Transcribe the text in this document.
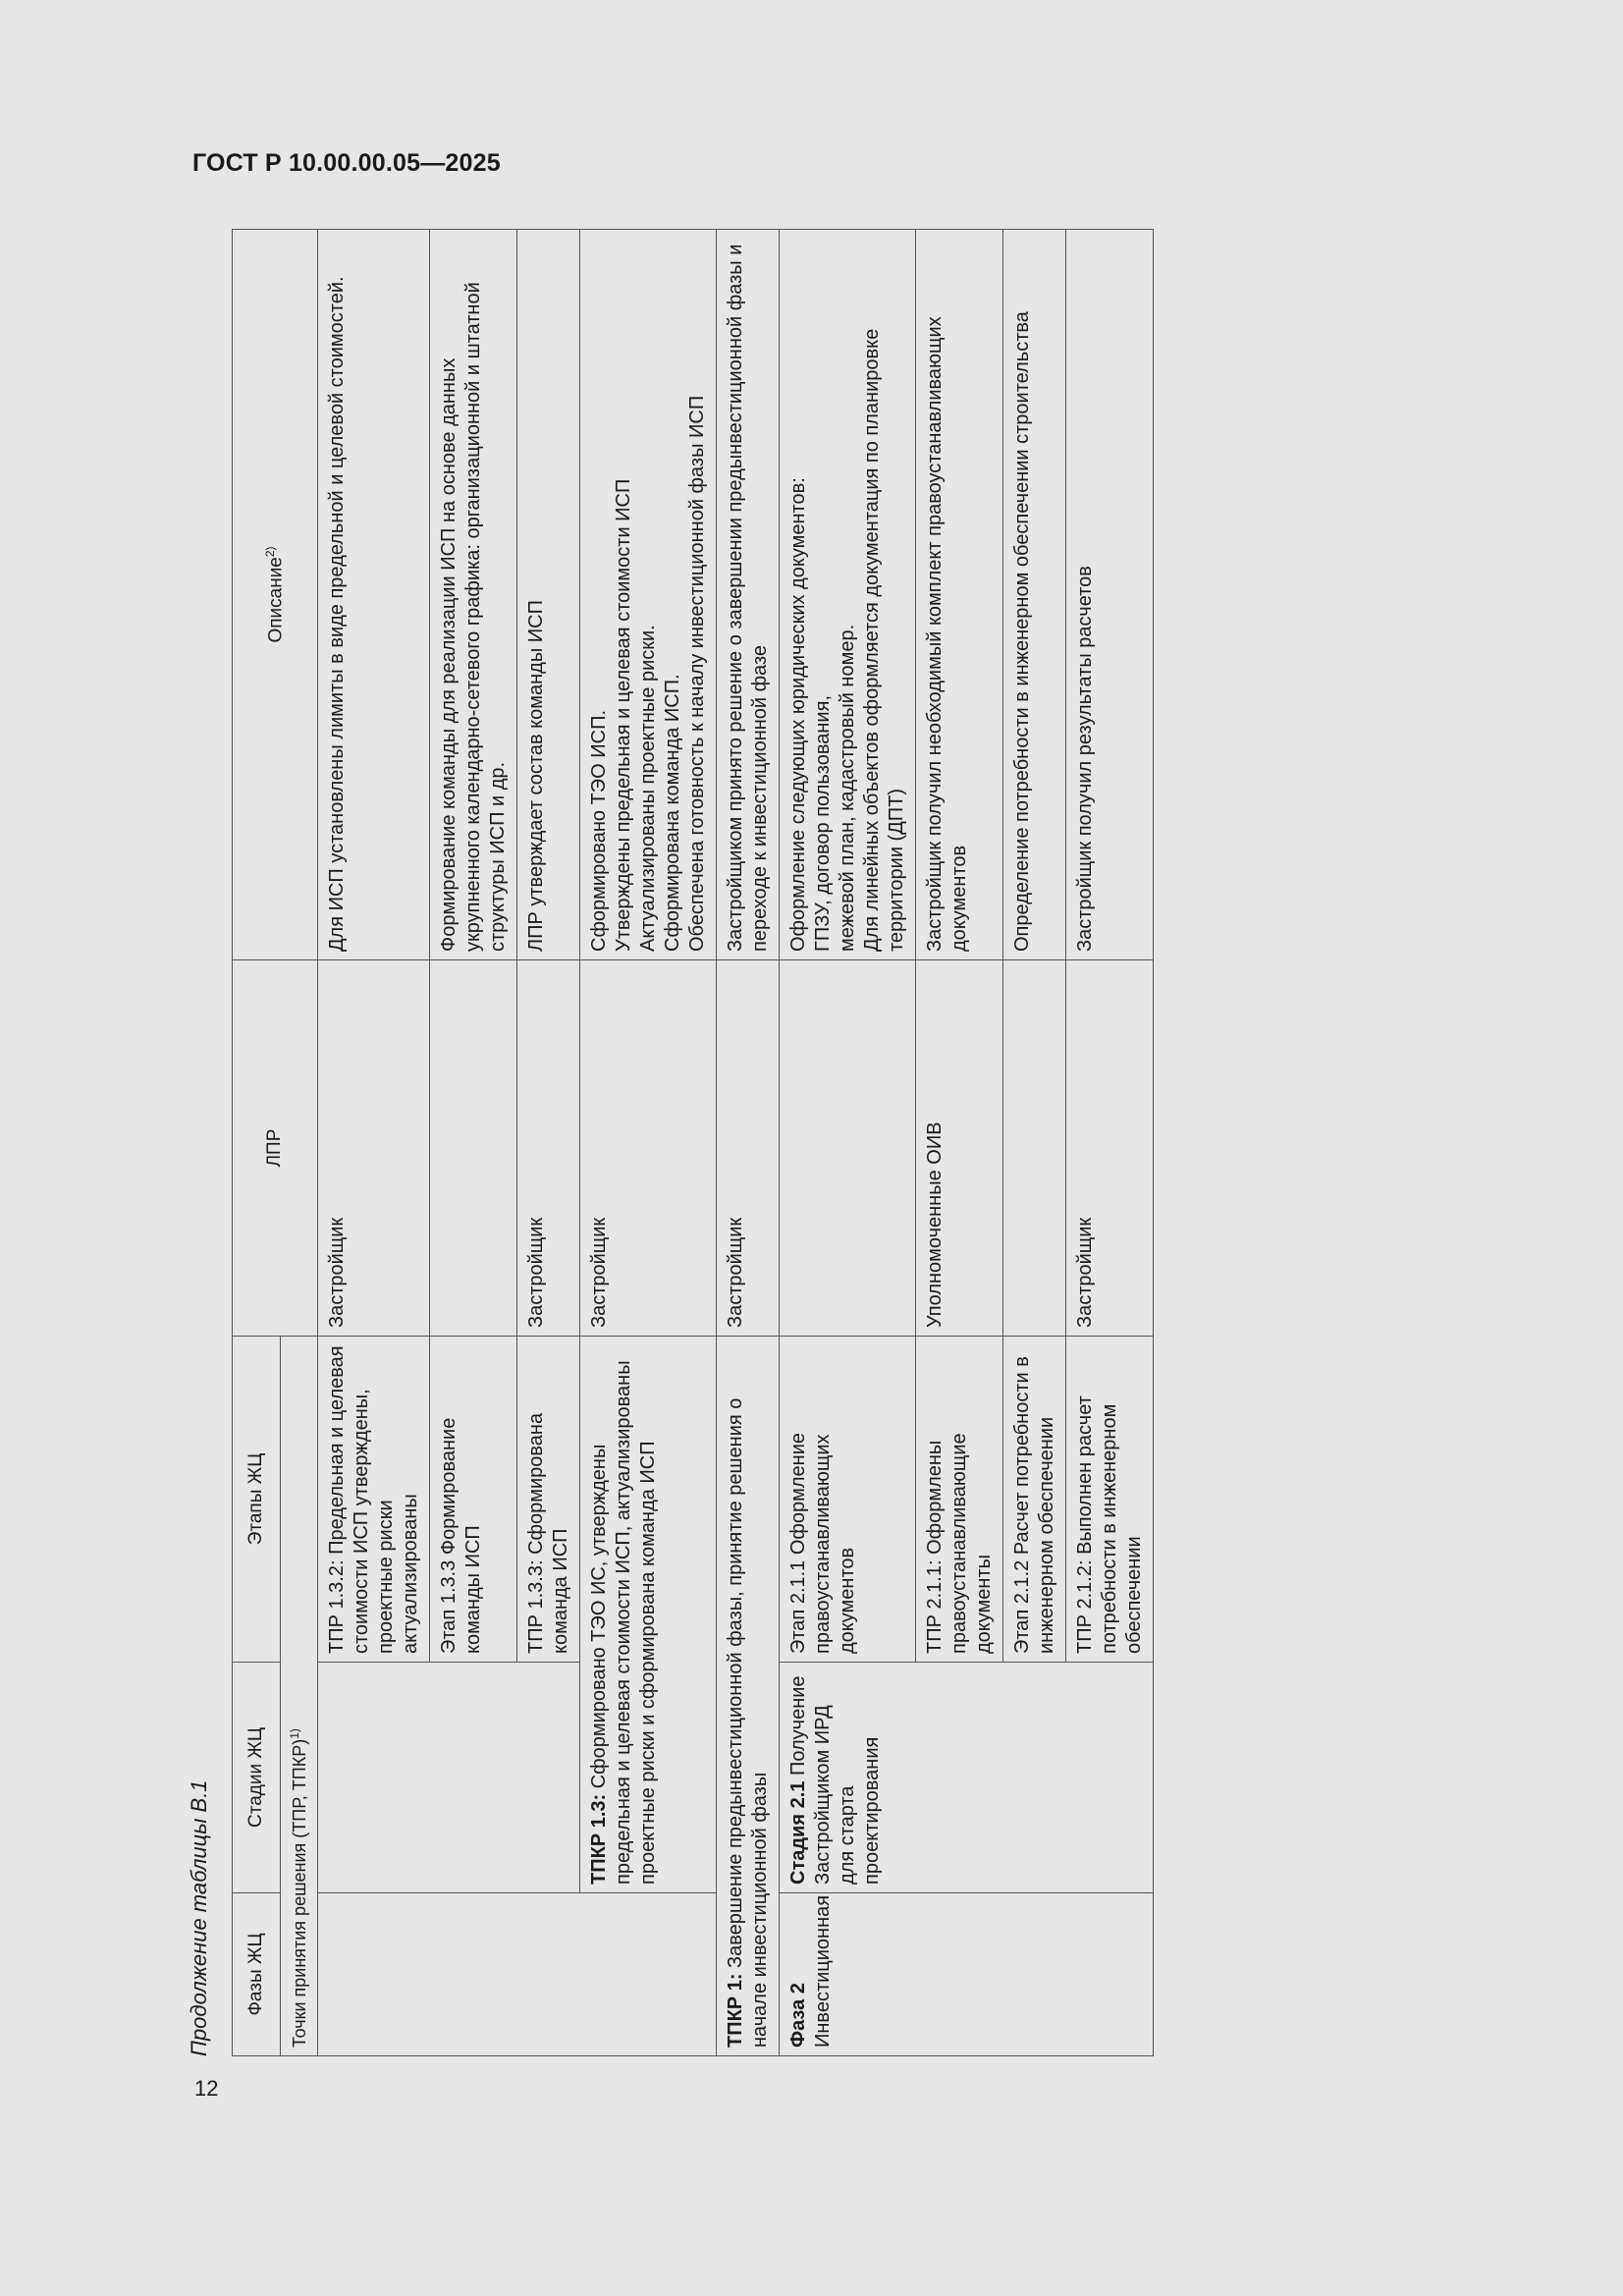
ГОСТ Р 10.00.00.05—2025
Продолжение таблицы В.1 Фазы ЖЦ	Стадии ЖЦ	Этапы ЖЦ	ЛПР	Описание$^{2)}$
Точки принятия решения (ТПР, ТПКР)$^{1)}$
		ТПР 1.3.2: Предельная и целевая стоимости ИСП утверждены, проектные риски актуализированы	Застройщик	Для ИСП установлены лимиты в виде предельной и целевой стоимостей.
		Этап 1.3.3 Формирование команды ИСП		Формирование команды для реализации ИСП на основе данных укрупненного календарно-сетевого графика: организационной и штатной структуры ИСП и др.
		ТПР 1.3.3: Сформирована команда ИСП	Застройщик	ЛПР утверждает состав команды ИСП
	ТПКР 1.3: Сформировано ТЭО ИС, утверждены предельная и целевая стоимости ИСП, актуализированы проектные риски и сформирована команда ИСП		Застройщик	Сформировано ТЭО ИСП. Утверждены предельная и целевая стоимости ИСП Актуализированы проектные риски. Сформирована команда ИСП. Обеспечена готовность к началу инвестиционной фазы ИСП

ТПКР 1: Завершение предынвестиционной фазы, принятие решения о начале инвестиционной фазы			Застройщик	Застройщиком принято решение о завершении предынвестиционной фазы и переходе к инвестиционной фазе
Фаза 2 Инвестиционная	Стадия 2.1 Получение Застройщиком ИРД для старта проектирования	Этап 2.1.1 Оформление правоустанавливающих документов		Оформление следующих юридических документов: ГПЗУ, договор пользования, межевой план, кадастровый номер. Для линейных объектов оформляется документация по планировке территории (ДПТ)

		ТПР 2.1.1: Оформлены правоустанавливающие документы	Уполномоченные ОИВ	Застройщик получил необходимый комплект правоустанавливающих документов
		Этап 2.1.2 Расчет потребности в инженерном обеспечении		Определение потребности в инженерном обеспечении строительства
		ТПР 2.1.2: Выполнен расчет потребности в инженерном обеспечении	Застройщик	Застройщик получил результаты расчетов
12
